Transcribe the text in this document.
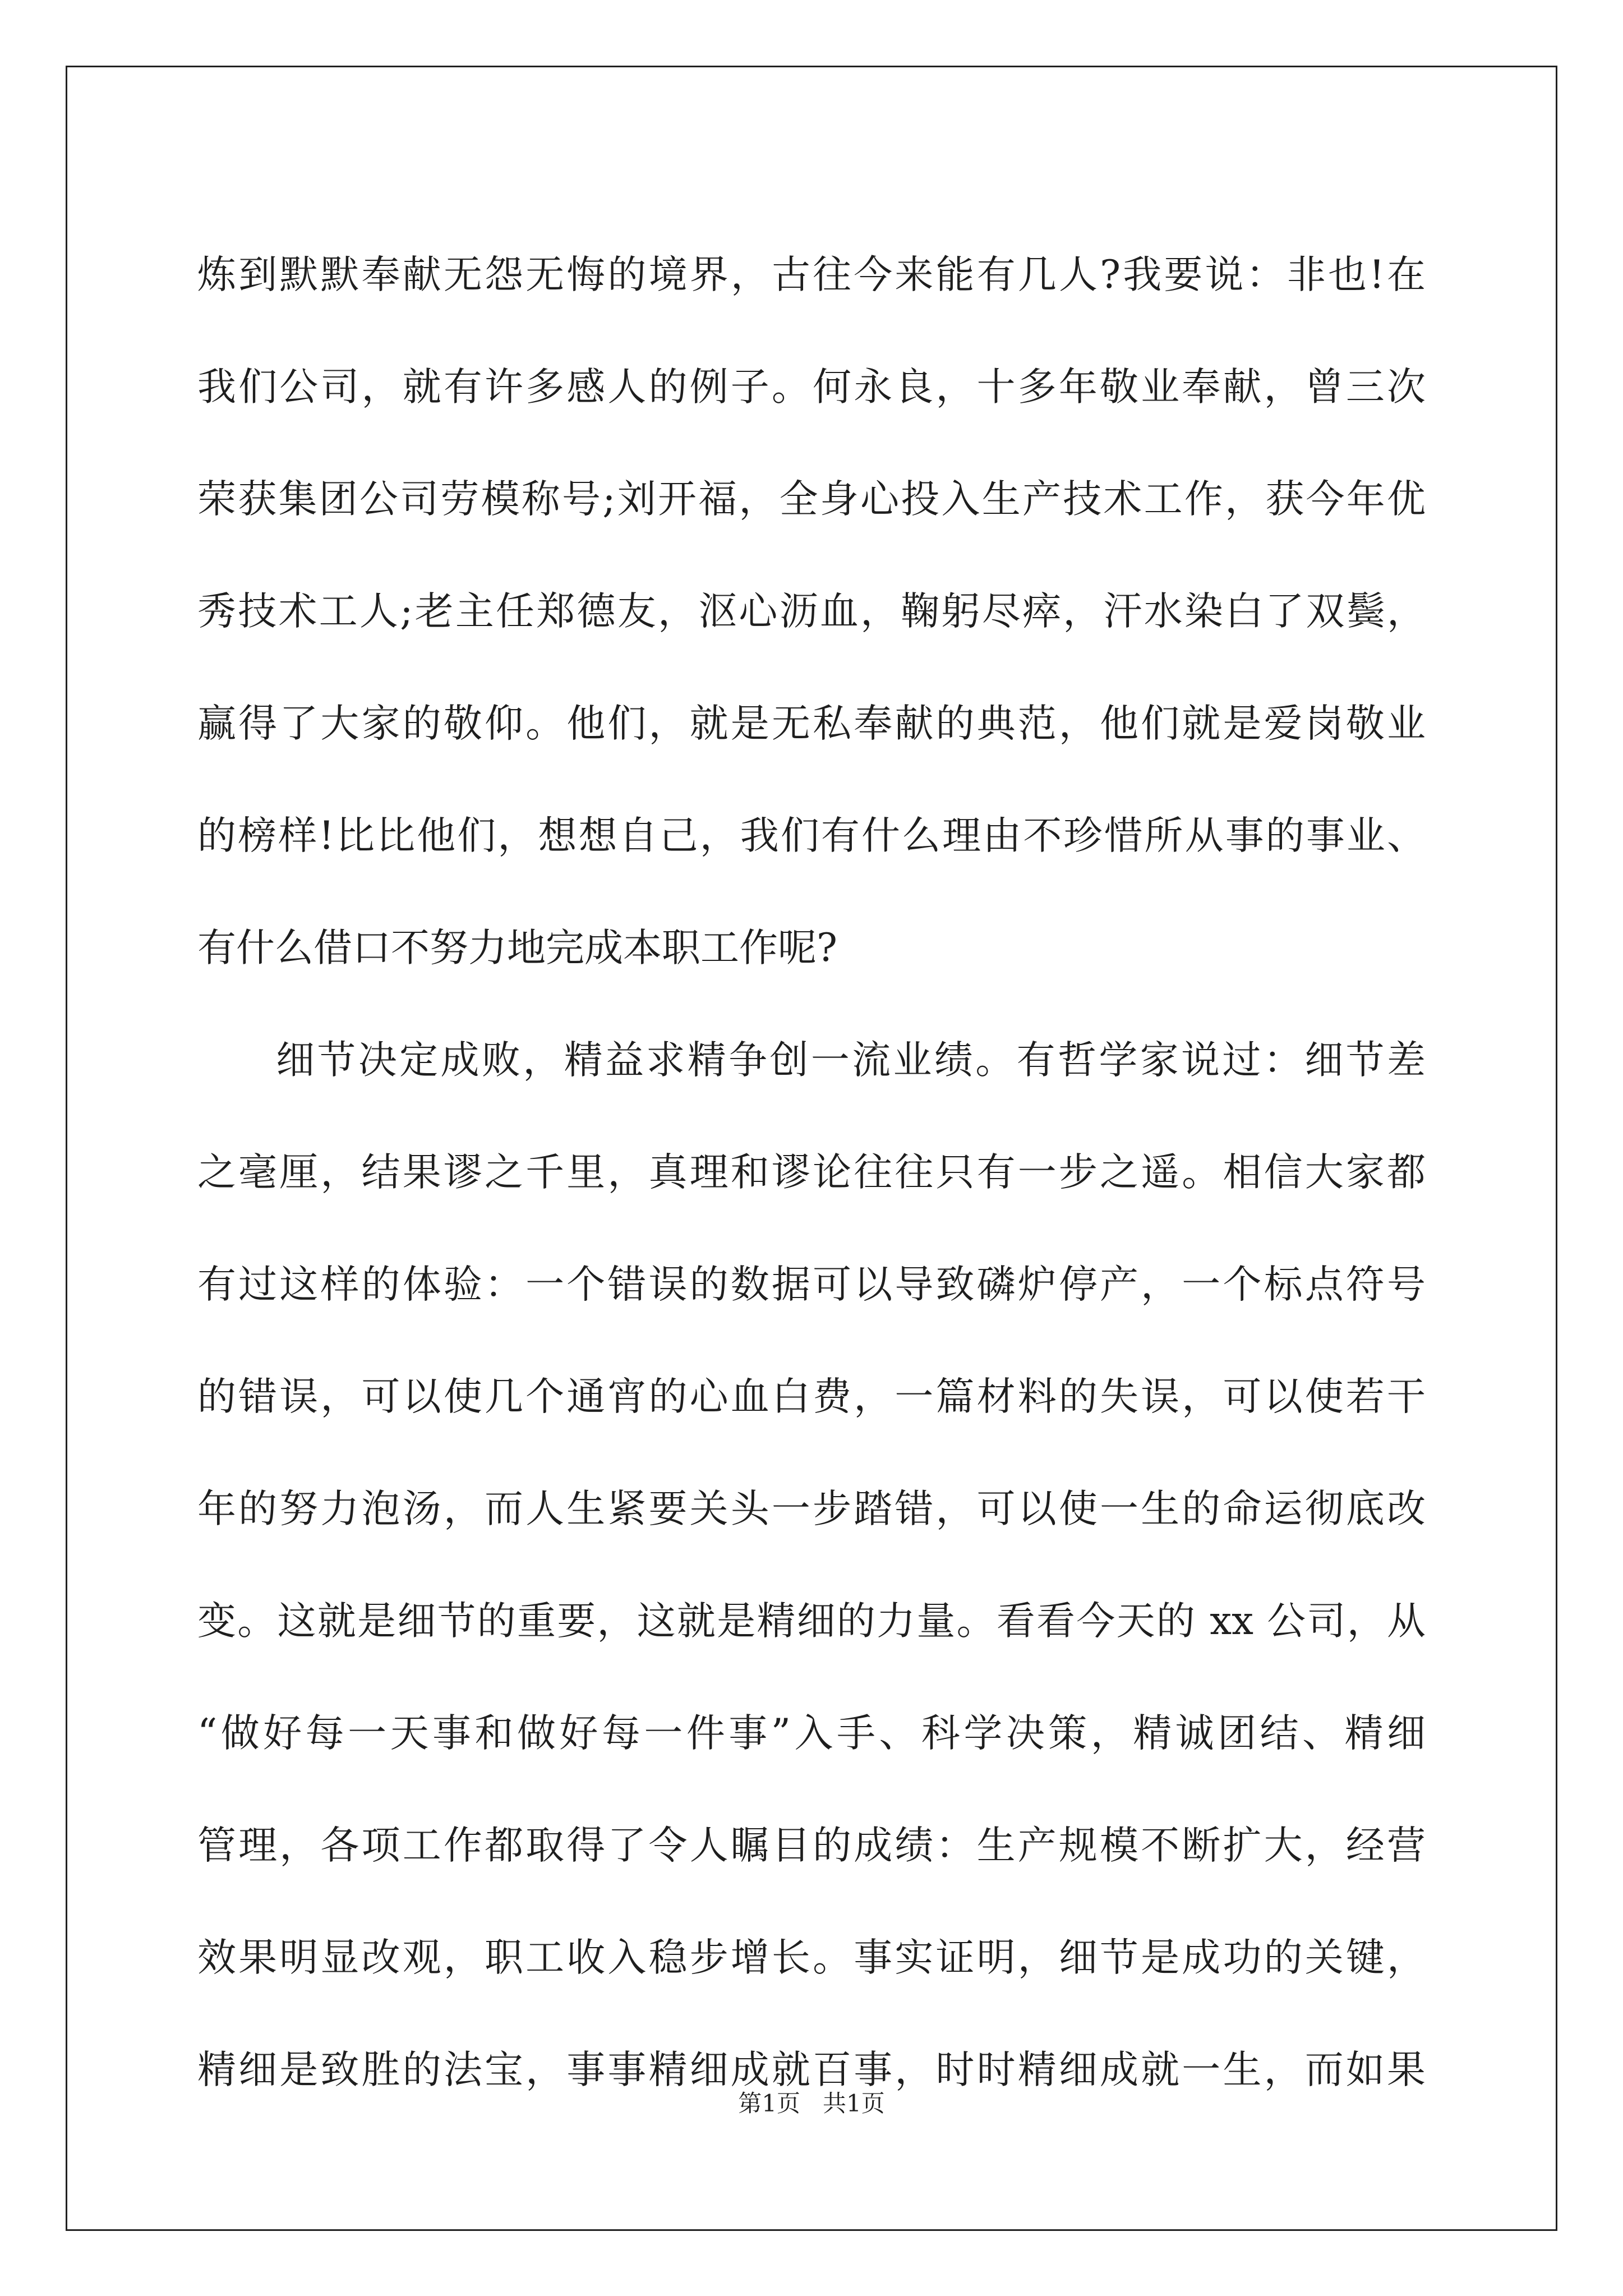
炼到默默奉献无怨无悔的境界，古往今来能有几人?我要说：非也!在
我们公司，就有许多感人的例子。何永良，十多年敬业奉献，曾三次
荣获集团公司劳模称号;刘开福，全身心投入生产技术工作，获今年优
秀技术工人;老主任郑德友，沤心沥血，鞠躬尽瘁，汗水染白了双鬓，
赢得了大家的敬仰。他们，就是无私奉献的典范，他们就是爱岗敬业
的榜样!比比他们，想想自己，我们有什么理由不珍惜所从事的事业、
有什么借口不努力地完成本职工作呢?
细节决定成败，精益求精争创一流业绩。有哲学家说过：细节差
之毫厘，结果谬之千里，真理和谬论往往只有一步之遥。相信大家都
有过这样的体验：一个错误的数据可以导致磷炉停产，一个标点符号
的错误，可以使几个通宵的心血白费，一篇材料的失误，可以使若干
年的努力泡汤，而人生紧要关头一步踏错，可以使一生的命运彻底改
变。这就是细节的重要，这就是精细的力量。看看今天的 xx 公司，从
“做好每一天事和做好每一件事”入手、科学决策，精诚团结、精细
管理，各项工作都取得了令人瞩目的成绩：生产规模不断扩大，经营
效果明显改观，职工收入稳步增长。事实证明，细节是成功的关键，
精细是致胜的法宝，事事精细成就百事，时时精细成就一生，而如果
第1页   共1页
